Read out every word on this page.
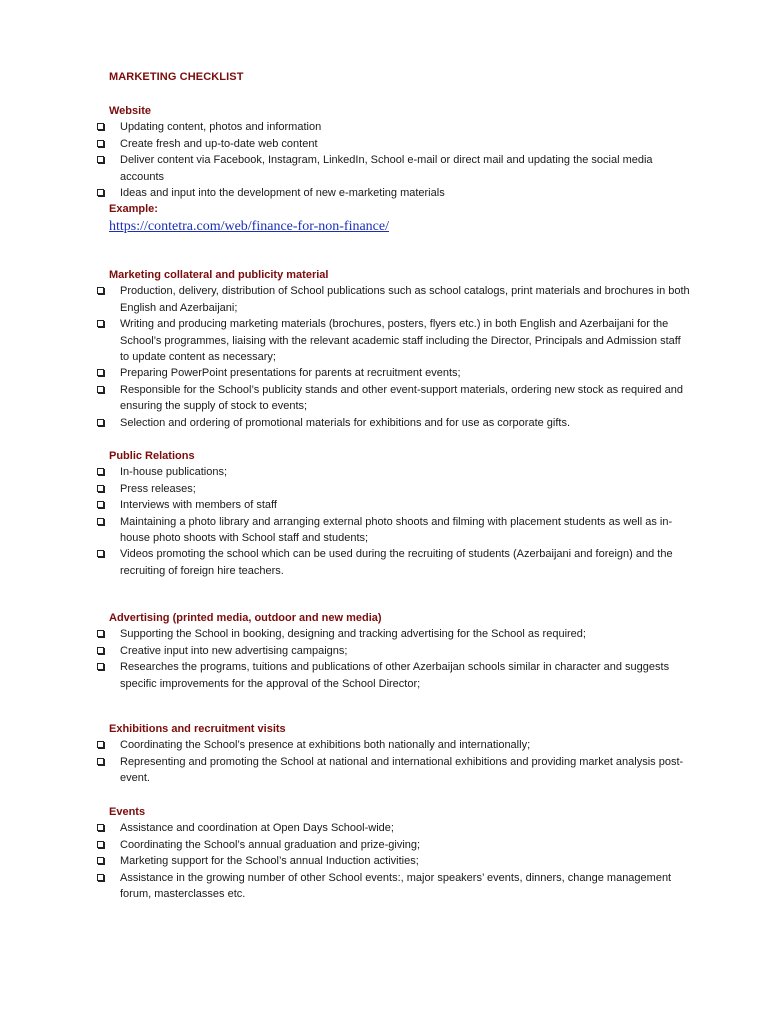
MARKETING CHECKLIST
Website
Updating content, photos and information
Create fresh and up-to-date web content
Deliver content via Facebook, Instagram, LinkedIn, School e-mail or direct mail and updating the social media accounts
Ideas and input into the development of new e-marketing materials
Example:
https://contetra.com/web/finance-for-non-finance/
Marketing collateral and publicity material
Production, delivery, distribution of School publications such as school catalogs, print materials and brochures in both English and Azerbaijani;
Writing and producing marketing materials (brochures, posters, flyers etc.) in both English and Azerbaijani for the School’s programmes, liaising with the relevant academic staff including the Director, Principals and Admission staff to update content as necessary;
Preparing PowerPoint presentations for parents at recruitment events;
Responsible for the School’s publicity stands and other event-support materials, ordering new stock as required and ensuring the supply of stock to events;
Selection and ordering of promotional materials for exhibitions and for use as corporate gifts.
Public Relations
In-house publications;
Press releases;
Interviews with members of staff
Maintaining a photo library and arranging external photo shoots and filming with placement students as well as in-house photo shoots with School staff and students;
Videos promoting the school which can be used during the recruiting of students (Azerbaijani and foreign) and the recruiting of foreign hire teachers.
Advertising (printed media, outdoor and new media)
Supporting the School in booking, designing and tracking advertising for the School as required;
Creative input into new advertising campaigns;
Researches the programs, tuitions and publications of other Azerbaijan schools similar in character and suggests specific improvements for the approval of the School Director;
Exhibitions and recruitment visits
Coordinating the School’s presence at exhibitions both nationally and internationally;
Representing and promoting the School at national and international exhibitions and providing market analysis post-event.
Events
Assistance and coordination at Open Days School-wide;
Coordinating the School’s annual graduation and prize-giving;
Marketing support for the School’s annual Induction activities;
Assistance in the growing number of other School events:, major speakers’ events, dinners, change management forum, masterclasses etc.
